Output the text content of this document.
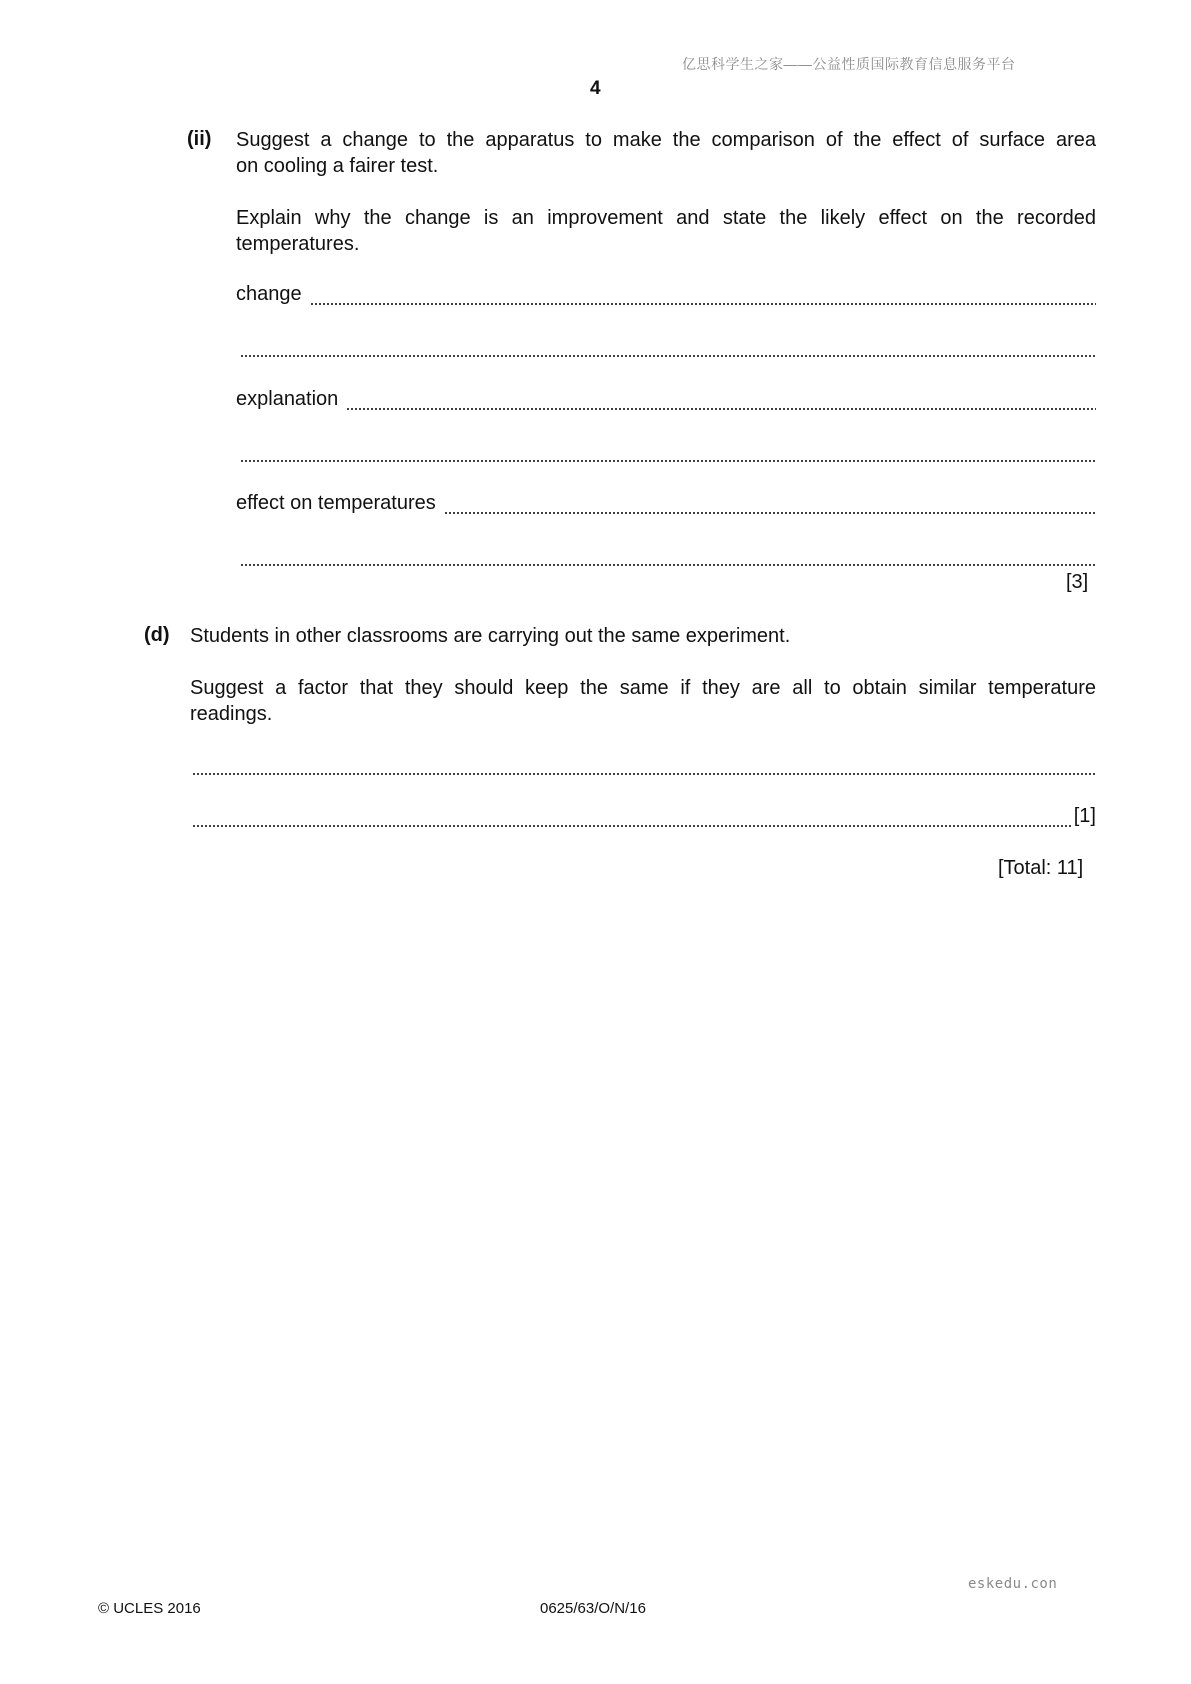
亿思科学生之家——公益性质国际教育信息服务平台
4
(ii) Suggest a change to the apparatus to make the comparison of the effect of surface area
on cooling a fairer test.
Explain why the change is an improvement and state the likely effect on the recorded
temperatures.
change
explanation
effect on temperatures
[3]
(d) Students in other classrooms are carrying out the same experiment.
Suggest a factor that they should keep the same if they are all to obtain similar temperature
readings.
[1]
[Total: 11]
eskedu.con
© UCLES 2016	0625/63/O/N/16
